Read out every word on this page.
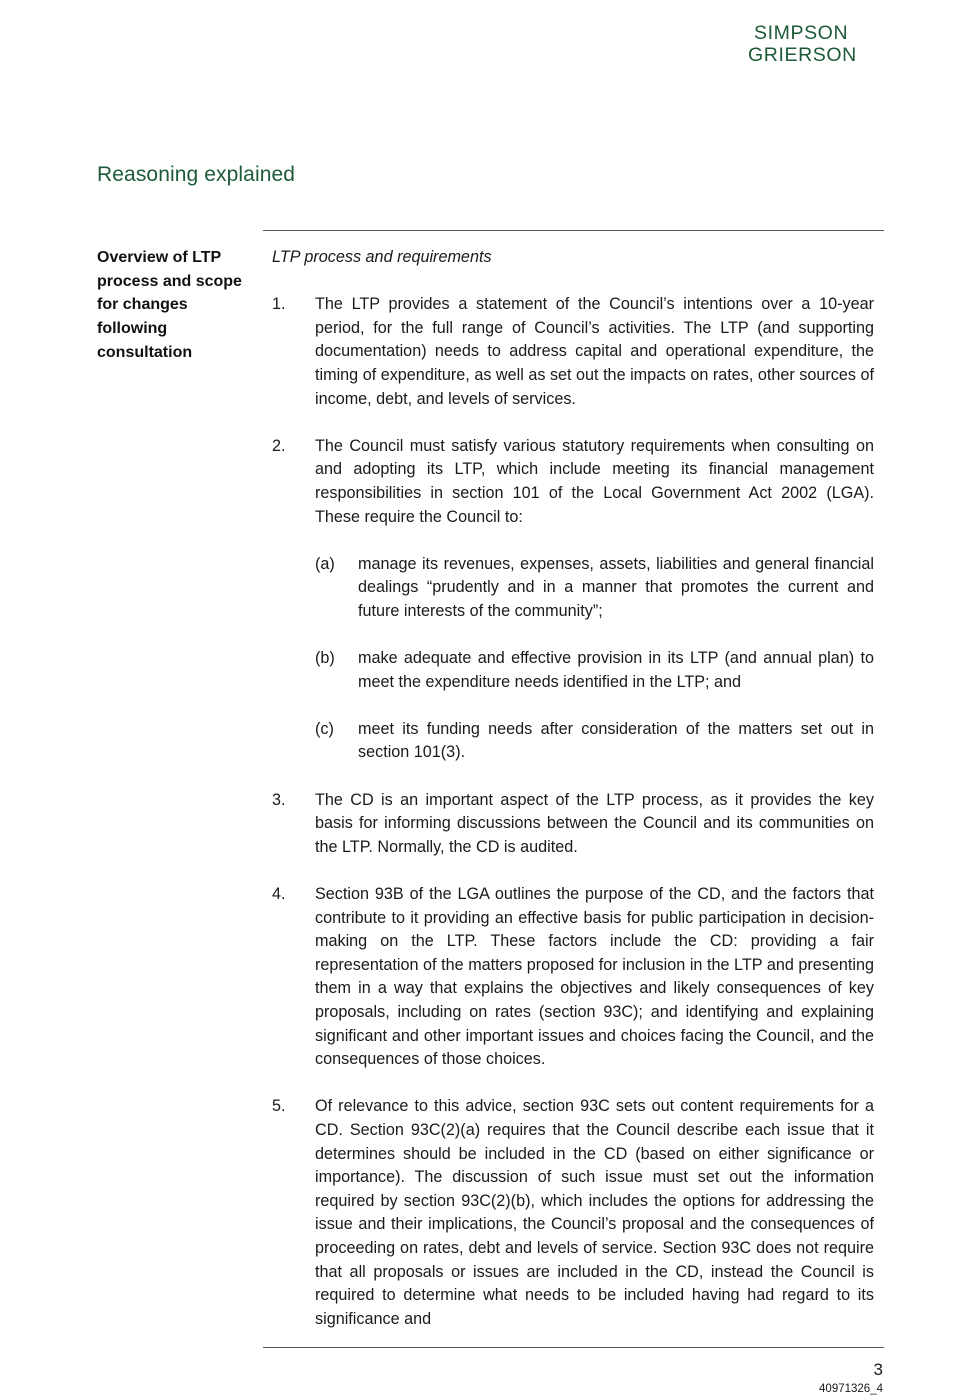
SIMPSON
GRIERSON
Reasoning explained
Overview of LTP process and scope for changes following consultation

LTP process and requirements

1. The LTP provides a statement of the Council’s intentions over a 10-year period, for the full range of Council’s activities. The LTP (and supporting documentation) needs to address capital and operational expenditure, the timing of expenditure, as well as set out the impacts on rates, other sources of income, debt, and levels of services.
2. The Council must satisfy various statutory requirements when consulting on and adopting its LTP, which include meeting its financial management responsibilities in section 101 of the Local Government Act 2002 (LGA). These require the Council to:
(a) manage its revenues, expenses, assets, liabilities and general financial dealings “prudently and in a manner that promotes the current and future interests of the community”;
(b) make adequate and effective provision in its LTP (and annual plan) to meet the expenditure needs identified in the LTP; and
(c) meet its funding needs after consideration of the matters set out in section 101(3).
3. The CD is an important aspect of the LTP process, as it provides the key basis for informing discussions between the Council and its communities on the LTP. Normally, the CD is audited.
4. Section 93B of the LGA outlines the purpose of the CD, and the factors that contribute to it providing an effective basis for public participation in decision-making on the LTP. These factors include the CD: providing a fair representation of the matters proposed for inclusion in the LTP and presenting them in a way that explains the objectives and likely consequences of key proposals, including on rates (section 93C); and identifying and explaining significant and other important issues and choices facing the Council, and the consequences of those choices.
5. Of relevance to this advice, section 93C sets out content requirements for a CD. Section 93C(2)(a) requires that the Council describe each issue that it determines should be included in the CD (based on either significance or importance). The discussion of such issue must set out the information required by section 93C(2)(b), which includes the options for addressing the issue and their implications, the Council’s proposal and the consequences of proceeding on rates, debt and levels of service. Section 93C does not require that all proposals or issues are included in the CD, instead the Council is required to determine what needs to be included having had regard to its significance and
3
40971326_4
